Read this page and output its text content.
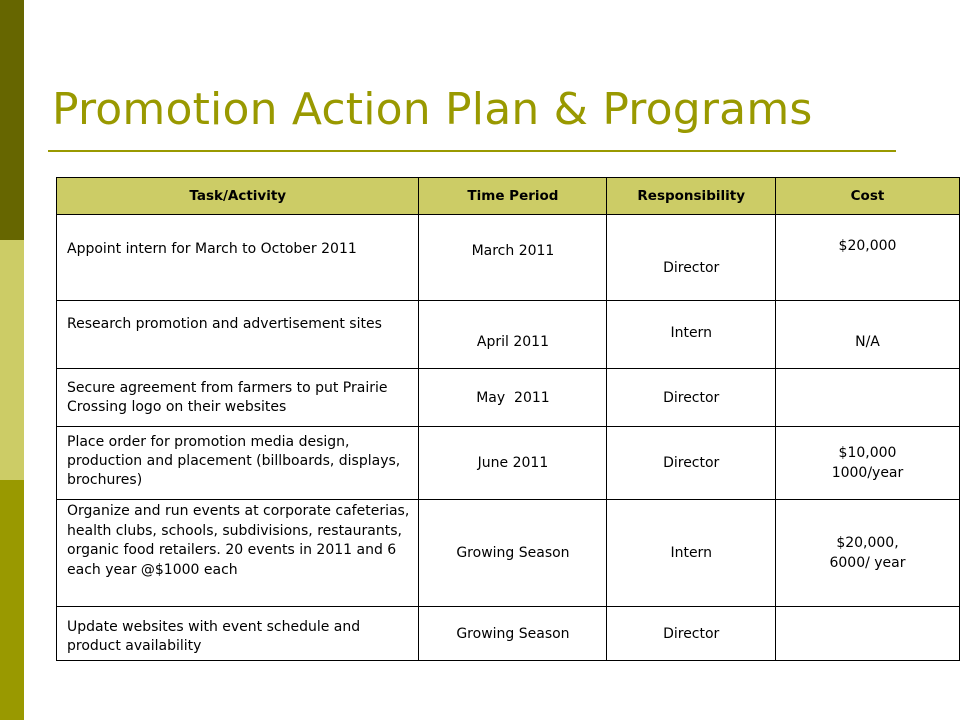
Promotion Action Plan & Programs
Task/Activity	Time Period	Responsibility	Cost

Appoint intern for March to October 2011	March 2011	Director	$20,000

Research promotion and advertisement sites	April 2011	Intern	N/A

Secure agreement from farmers to put Prairie Crossing logo on their websites	May  2011	Director	

Place order for promotion media design, production and placement (billboards, displays, brochures)	June 2011	Director	$10,000
1000/year

Organize and run events at corporate cafeterias, health clubs, schools, subdivisions, restaurants, organic food retailers. 20 events in 2011 and 6 each year @$1000 each	Growing Season	Intern	$20,000,
6000/ year

Update websites with event schedule and product availability	Growing Season	Director	
